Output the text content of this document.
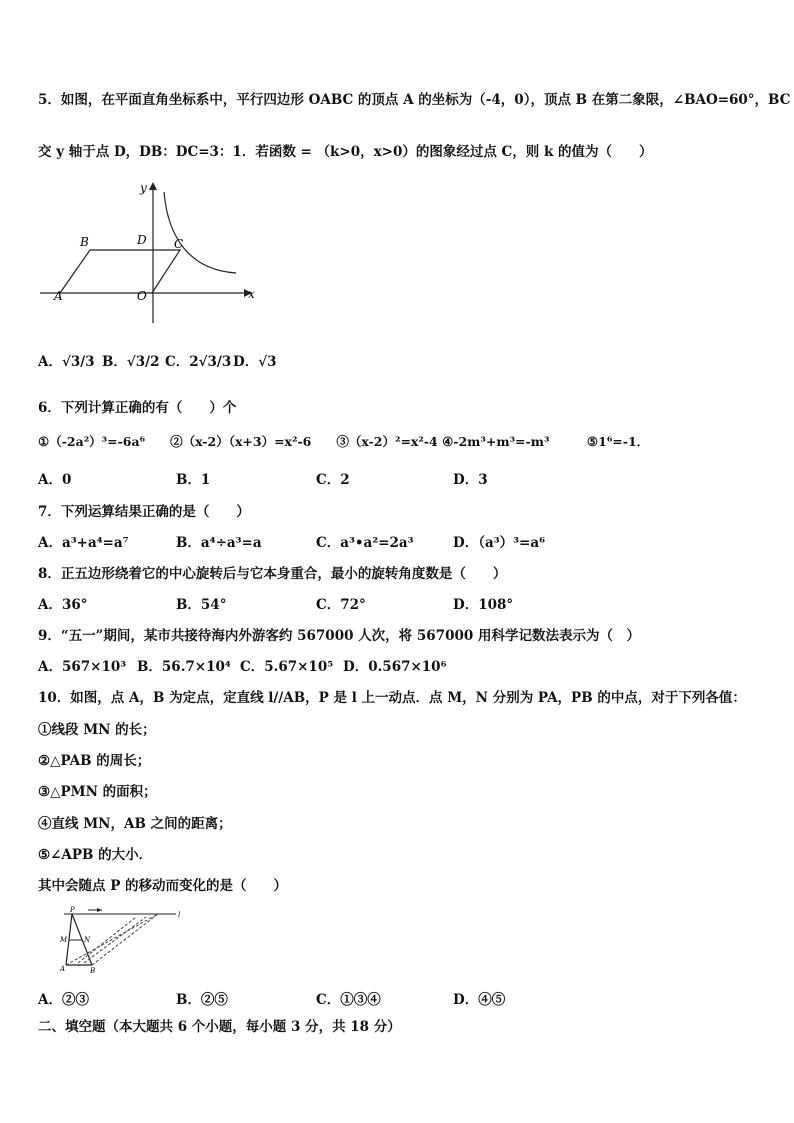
5．如图，在平面直角坐标系中，平行四边形 OABC 的顶点 A 的坐标为（-4，0），顶点 B 在第二象限，∠BAO=60°，BC
交 y 轴于点 D，DB：DC=3：1．若函数 = （k>0，x>0）的图象经过点 C，则 k 的值为（　　）
y
x
B	D C
A	O
A．√3/3 B．√3/2 C．2√3/3 D．√3
6．下列计算正确的有（　　）个
①（-2a²）³=-6a⁶　　②（x-2）（x+3）=x²-6　　③（x-2）²=x²-4 ④-2m³+m³=-m³　　　⑤1⁶=-1．
A．0	B．1	C．2	D．3
7．下列运算结果正确的是（　　）
A．a³+a⁴=a⁷	B．a⁴÷a³=a	C．a³•a²=2a³	D．（a³）³=a⁶
8．正五边形绕着它的中心旋转后与它本身重合，最小的旋转角度数是（　　）
A．36°	B．54°	C．72°	D．108°
9．“五一”期间，某市共接待海内外游客约 567000 人次，将 567000 用科学记数法表示为（　）
A．567×10³ B．56.7×10⁴ C．5.67×10⁵ D．0.567×10⁶
10．如图，点 A，B 为定点，定直线 l//AB，P 是 l 上一动点．点 M，N 分别为 PA，PB 的中点，对于下列各值：
①线段 MN 的长；
②△PAB 的周长；
③△PMN 的面积；
④直线 MN，AB 之间的距离；
⑤∠APB 的大小．
其中会随点 P 的移动而变化的是（　　）
P
l
M N
A	B
A．②③	B．②⑤	C．①③④	D．④⑤
二、填空题（本大题共 6 个小题，每小题 3 分，共 18 分）
